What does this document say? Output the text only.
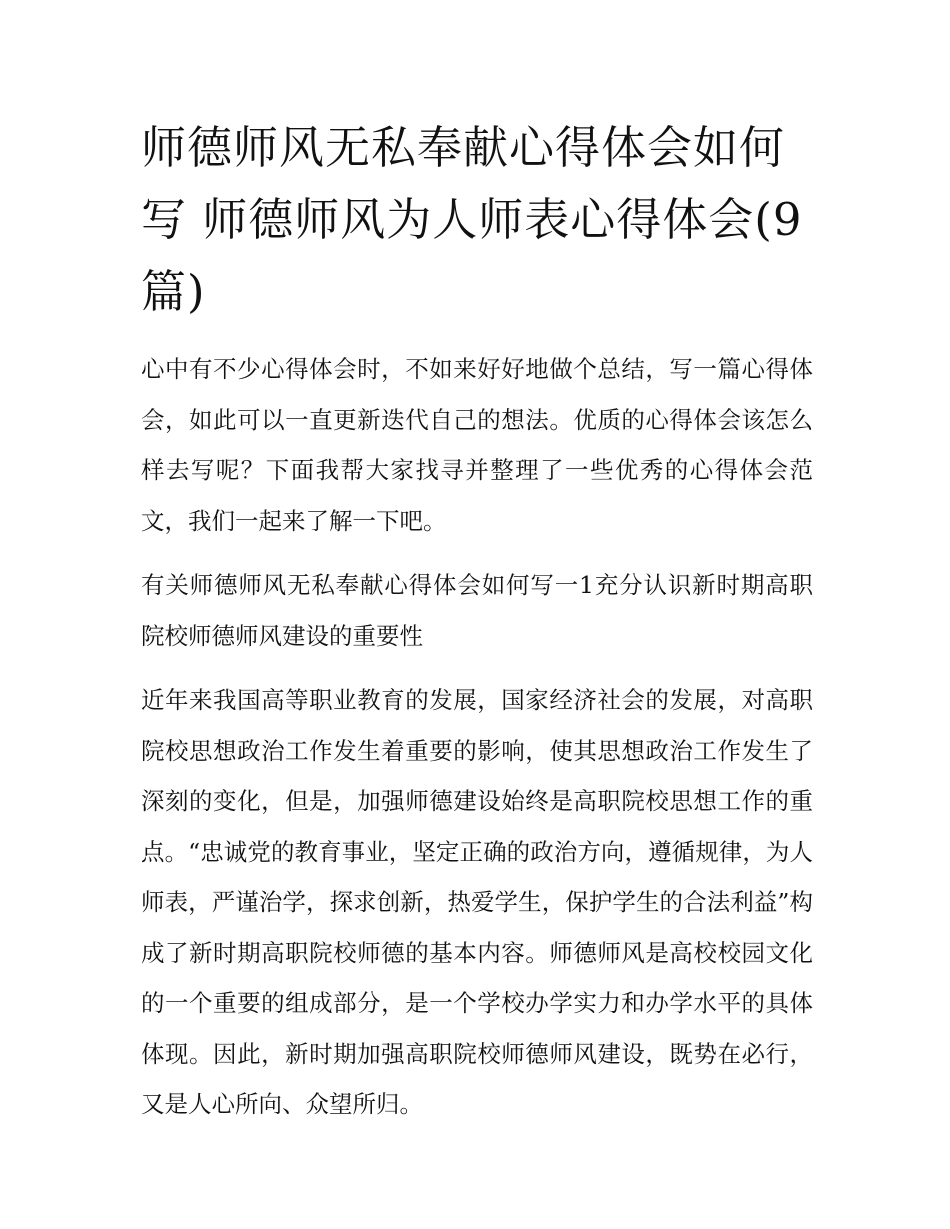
师德师风无私奉献心得体会如何写 师德师风为人师表心得体会(9篇)

心中有不少心得体会时，不如来好好地做个总结，写一篇心得体会，如此可以一直更新迭代自己的想法。优质的心得体会该怎么样去写呢？下面我帮大家找寻并整理了一些优秀的心得体会范文，我们一起来了解一下吧。

有关师德师风无私奉献心得体会如何写一1充分认识新时期高职院校师德师风建设的重要性

近年来我国高等职业教育的发展，国家经济社会的发展，对高职院校思想政治工作发生着重要的影响，使其思想政治工作发生了深刻的变化，但是，加强师德建设始终是高职院校思想工作的重点。“忠诚党的教育事业，坚定正确的政治方向，遵循规律，为人师表，严谨治学，探求创新，热爱学生，保护学生的合法利益”构成了新时期高职院校师德的基本内容。师德师风是高校校园文化的一个重要的组成部分，是一个学校办学实力和办学水平的具体体现。因此，新时期加强高职院校师德师风建设，既势在必行，又是人心所向、众望所归。
